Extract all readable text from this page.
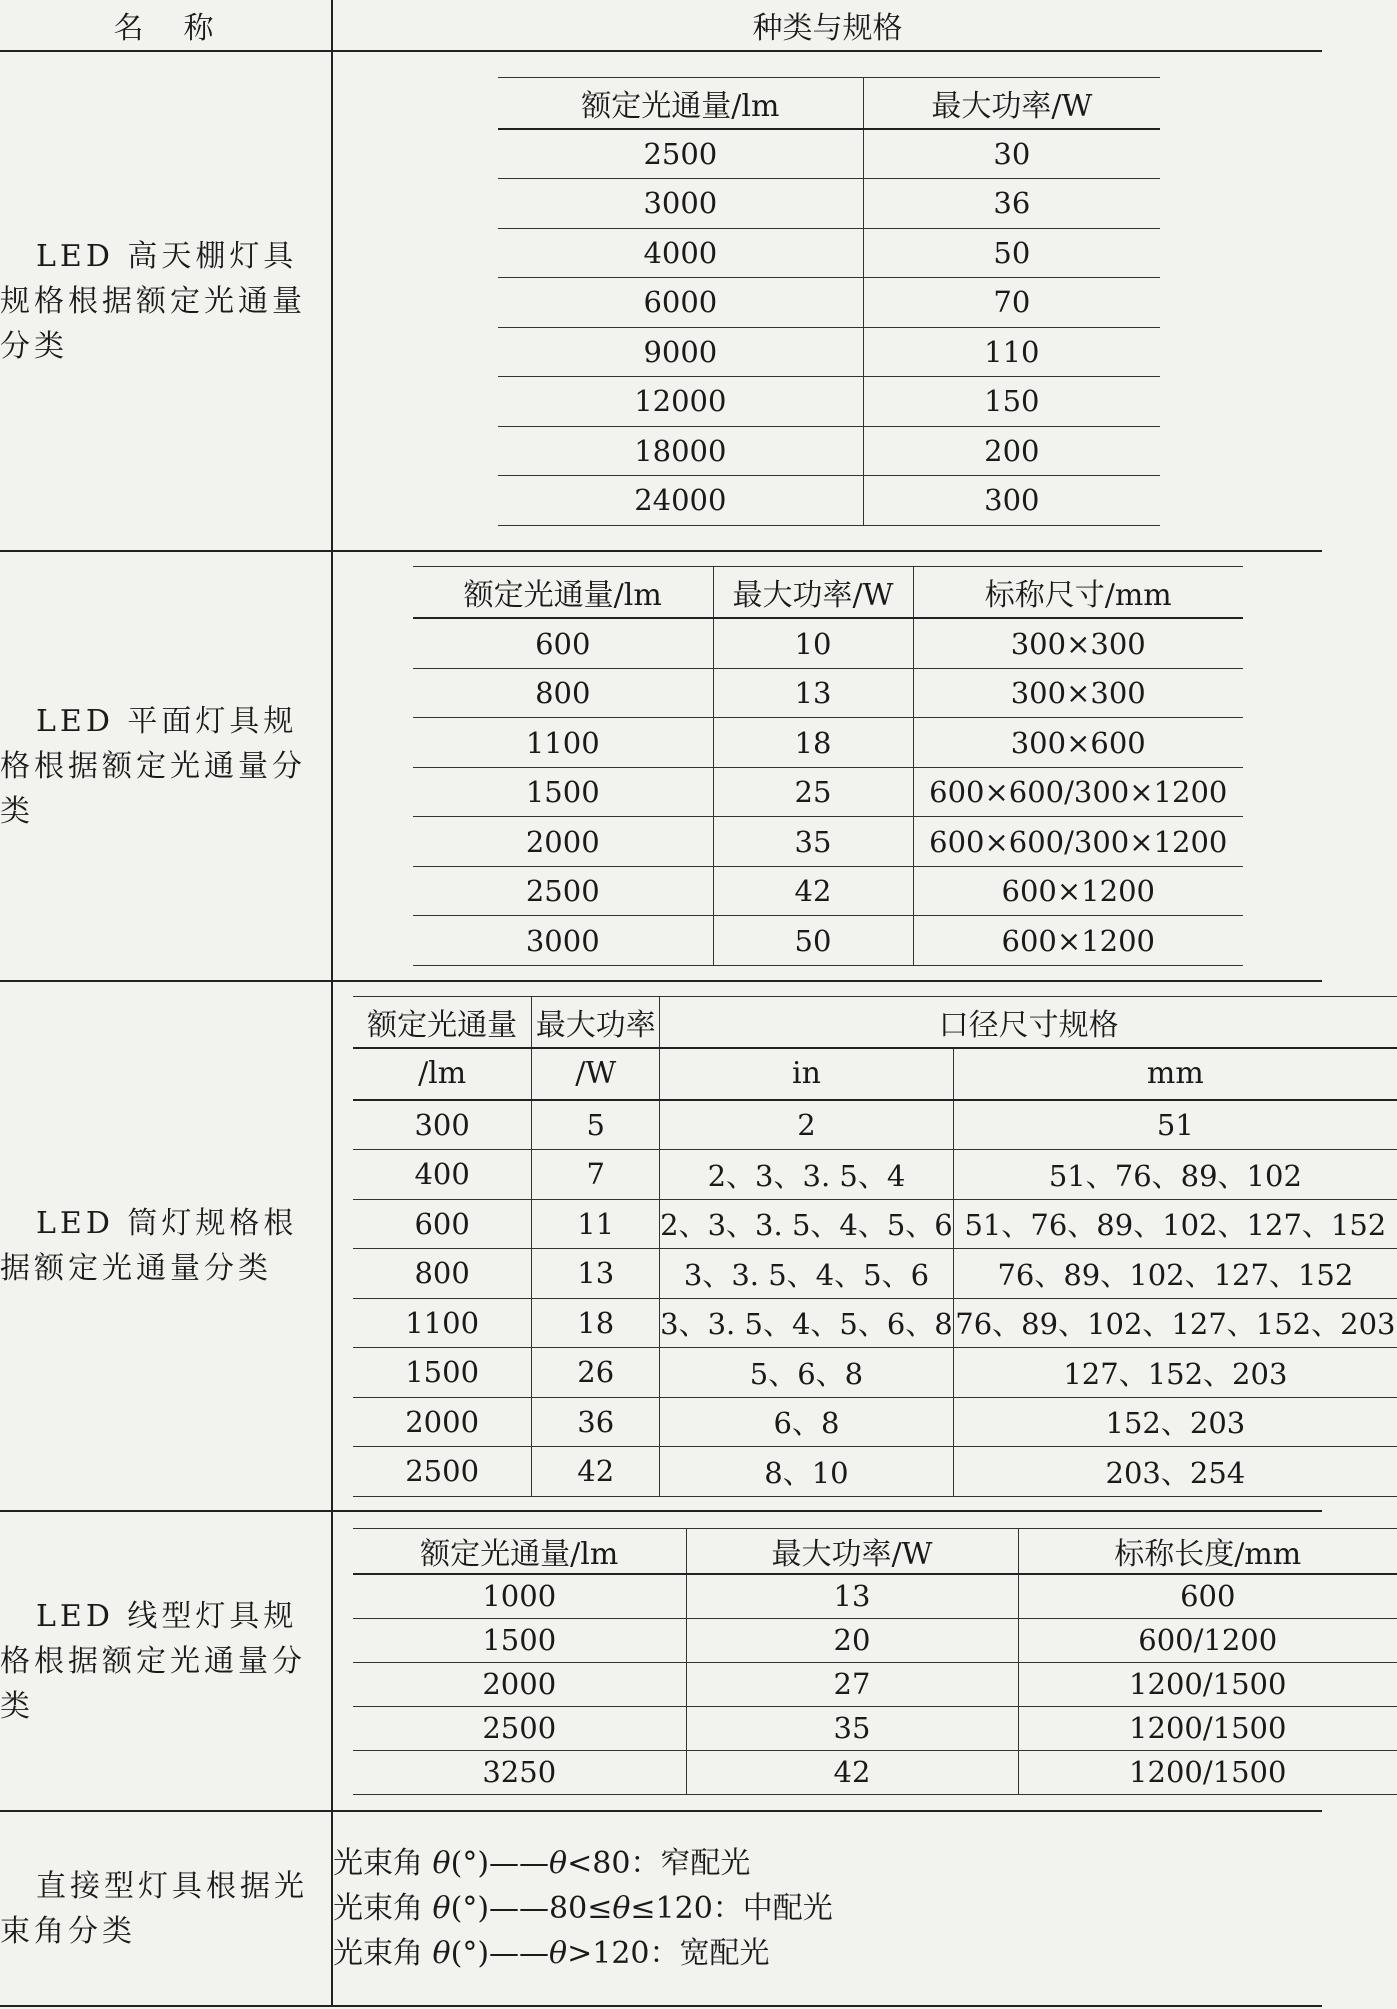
名称	种类与规格
LED 高天棚灯具规格根据额定光通量分类	
额定光通量/lm	最大功率/W
2500	30
3000	36
4000	50
6000	70
9000	110
12000	150
18000	200
24000	300

LED 平面灯具规格根据额定光通量分类	
额定光通量/lm	最大功率/W	标称尺寸/mm
600	10	300×300
800	13	300×300
1100	18	300×600
1500	25	600×600/300×1200
2000	35	600×600/300×1200
2500	42	600×1200
3000	50	600×1200

LED 筒灯规格根据额定光通量分类	
额定光通量	最大功率	口径尺寸规格
/lm	/W	in	mm
300	5	2	51
400	7	2、3、3. 5、4	51、76、89、102
600	11	2、3、3. 5、4、5、6	51、76、89、102、127、152
800	13	3、3. 5、4、5、6	76、89、102、127、152
1100	18	3、3. 5、4、5、6、8	76、89、102、127、152、203
1500	26	5、6、8	127、152、203
2000	36	6、8	152、203
2500	42	8、10	203、254

LED 线型灯具规格根据额定光通量分类	
额定光通量/lm	最大功率/W	标称长度/mm
1000	13	600
1500	20	600/1200
2000	27	1200/1500
2500	35	1200/1500
3250	42	1200/1500

直接型灯具根据光束角分类	
光束角 θ(°)——θ<80：窄配光
光束角 θ(°)——80≤θ≤120：中配光
光束角 θ(°)——θ>120：宽配光
